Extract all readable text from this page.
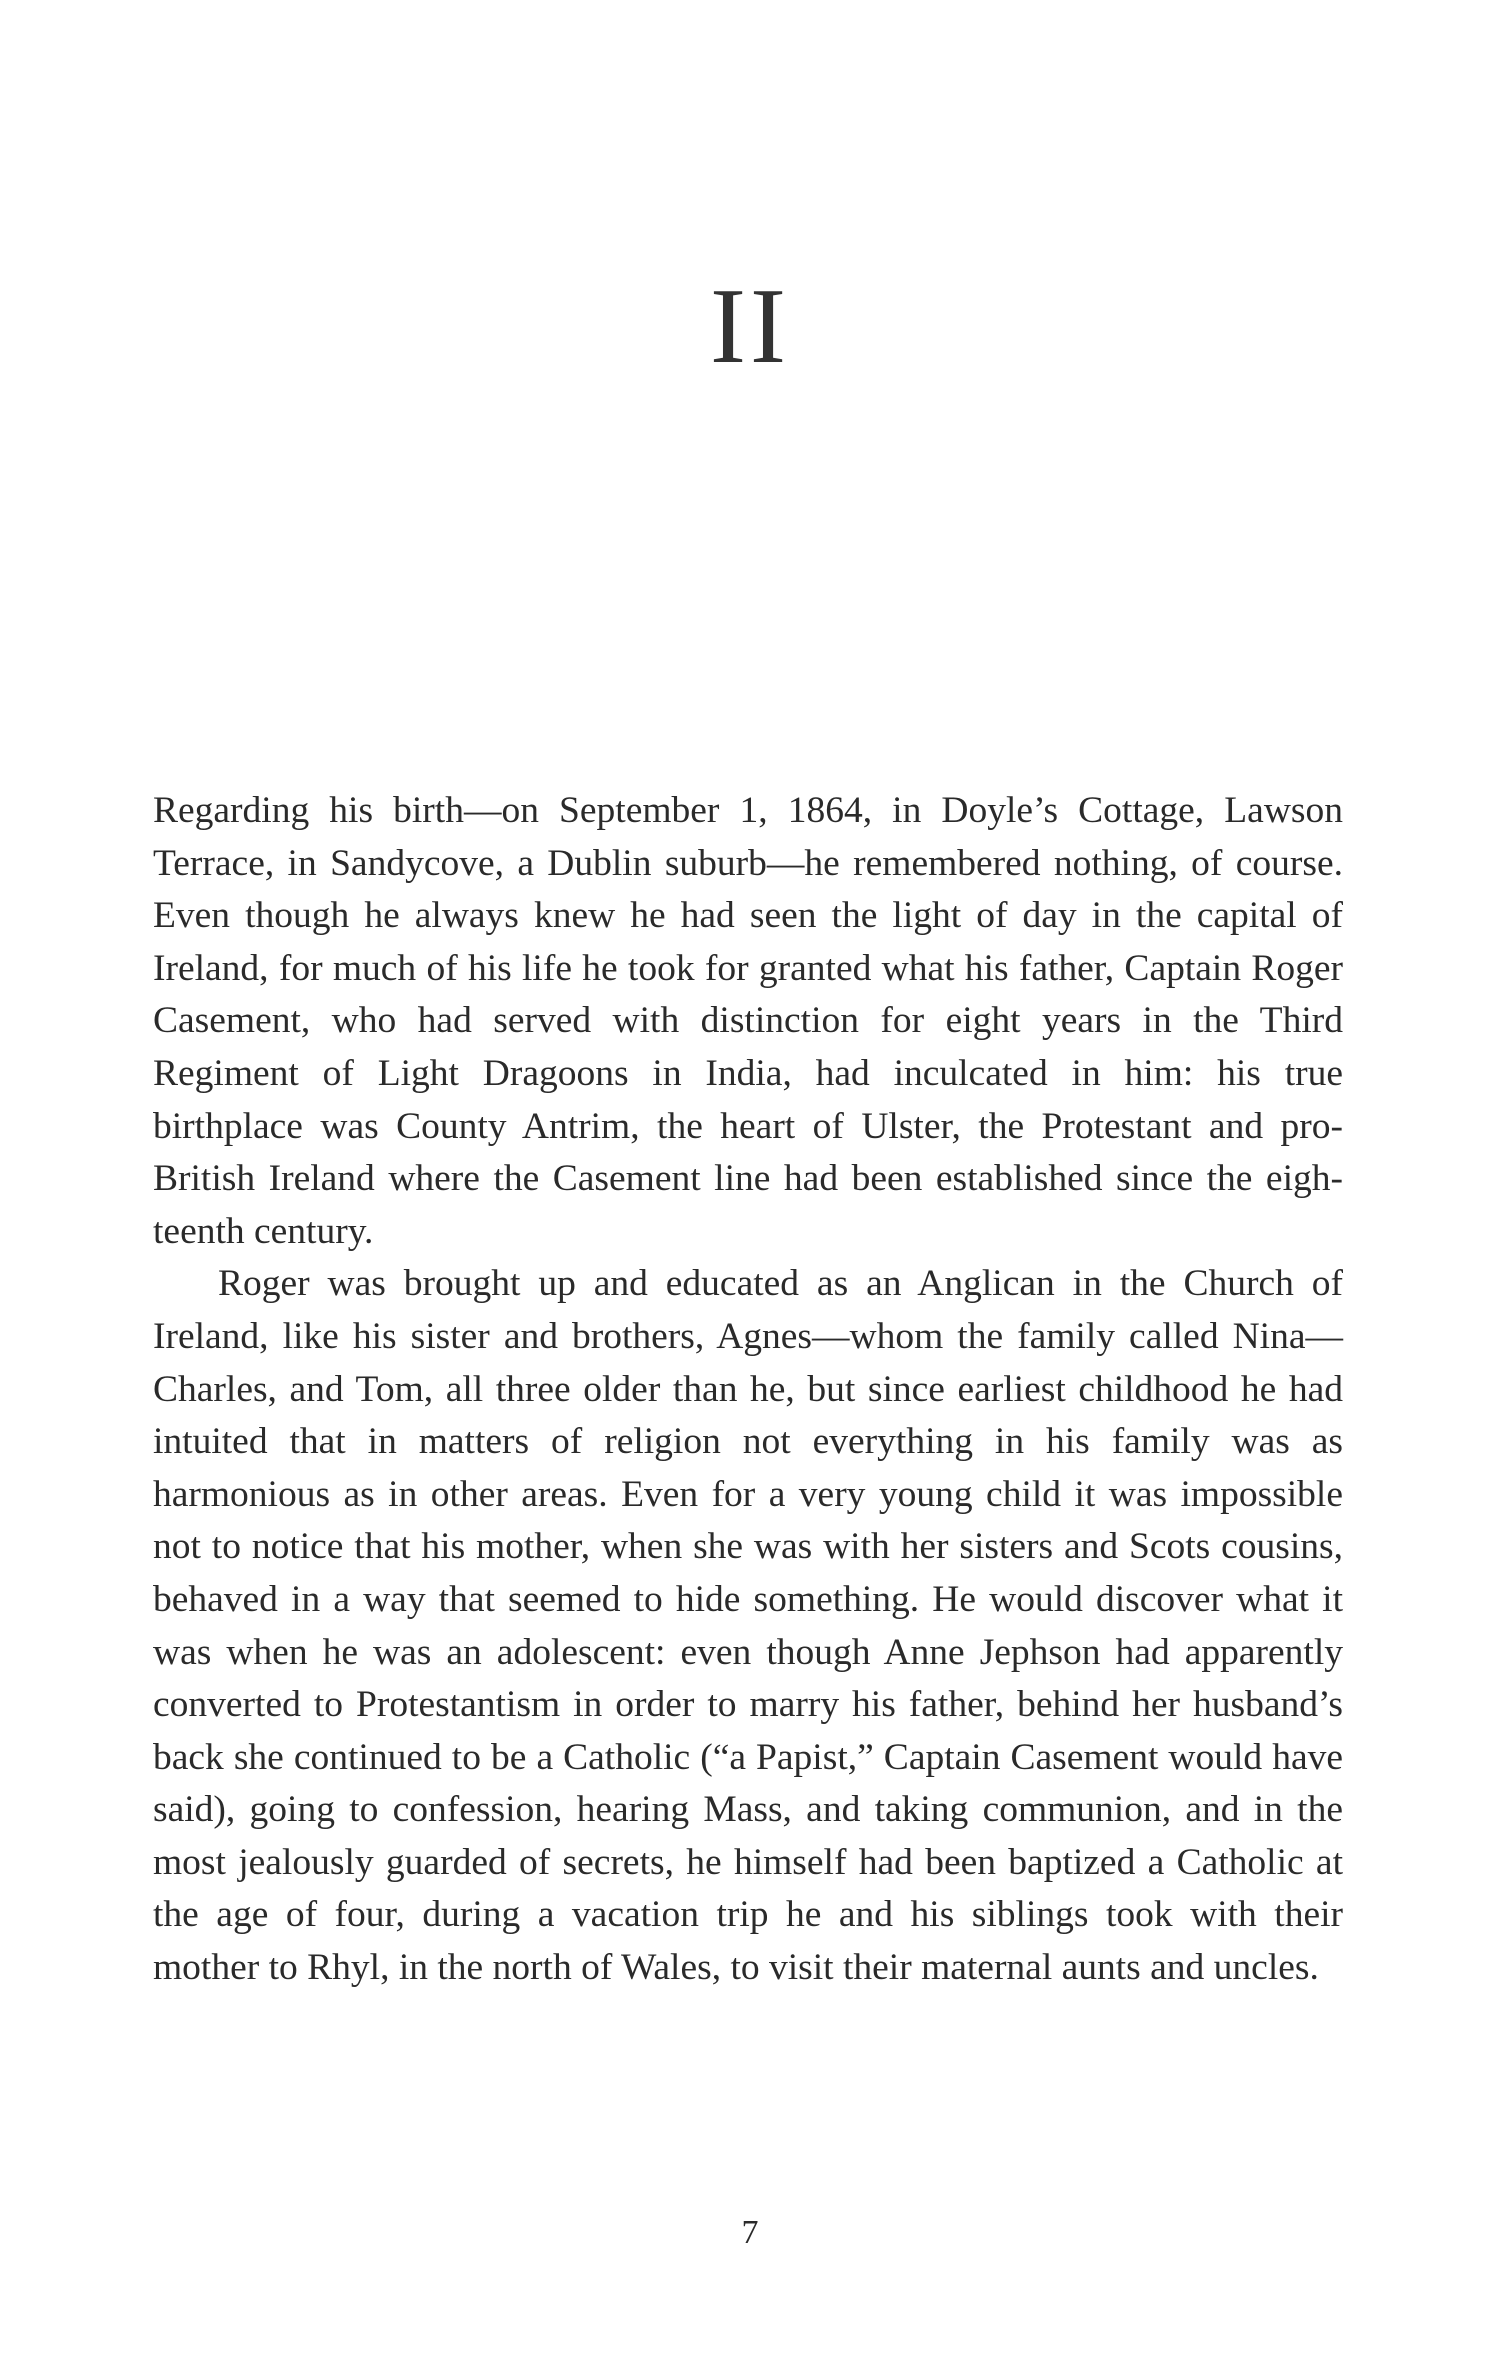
II

Regarding his birth—on September 1, 1864, in Doyle’s Cottage, Lawson Terrace, in Sandycove, a Dublin suburb—he remembered nothing, of course. Even though he always knew he had seen the light of day in the capital of Ireland, for much of his life he took for granted what his father, Captain Roger Casement, who had served with distinction for eight years in the Third Regiment of Light Dragoons in India, had inculcated in him: his true birthplace was County Antrim, the heart of Ulster, the Protestant and pro-British Ireland where the Casement line had been established since the eighteenth century.

Roger was brought up and educated as an Anglican in the Church of Ireland, like his sister and brothers, Agnes—whom the family called Nina—Charles, and Tom, all three older than he, but since earliest childhood he had intuited that in matters of religion not everything in his family was as harmonious as in other areas. Even for a very young child it was impossible not to notice that his mother, when she was with her sisters and Scots cousins, behaved in a way that seemed to hide something. He would discover what it was when he was an adolescent: even though Anne Jephson had apparently converted to Protestantism in order to marry his father, behind her husband’s back she continued to be a Catholic (“a Papist,” Captain Casement would have said), going to confession, hearing Mass, and taking communion, and in the most jealously guarded of secrets, he himself had been baptized a Catholic at the age of four, during a vacation trip he and his siblings took with their mother to Rhyl, in the north of Wales, to visit their maternal aunts and uncles.

7
